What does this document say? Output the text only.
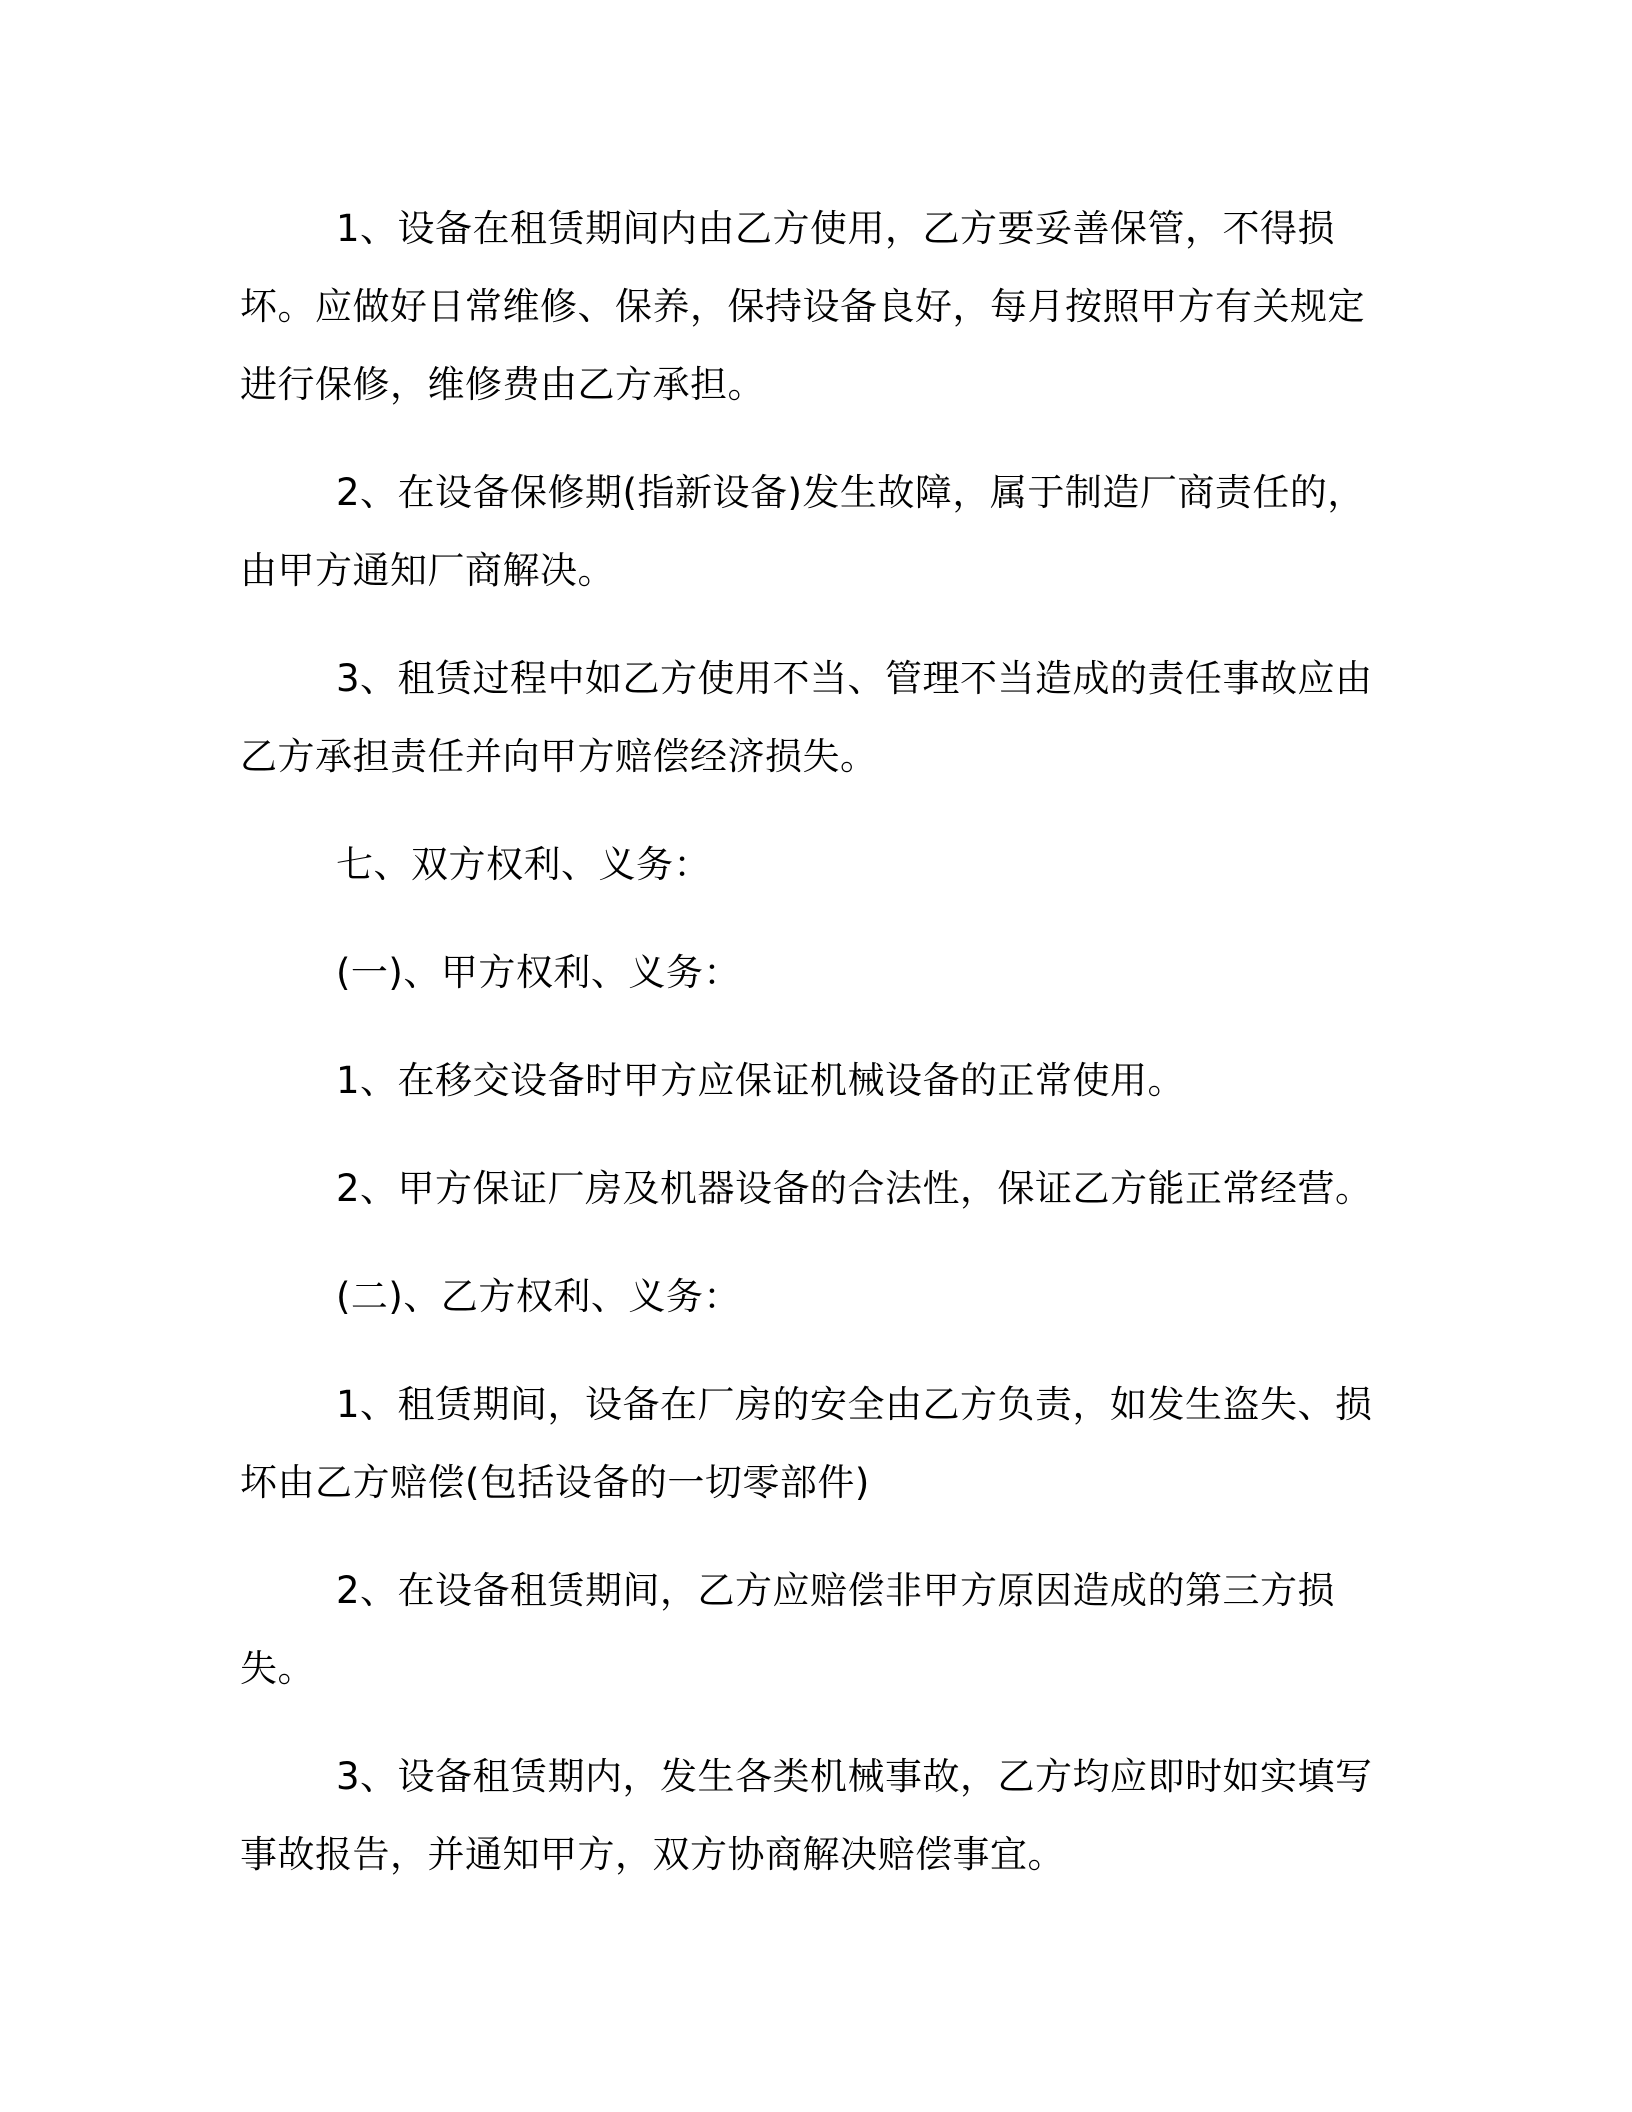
1、设备在租赁期间内由乙方使用，乙方要妥善保管，不得损坏。应做好日常维修、保养，保持设备良好，每月按照甲方有关规定进行保修，维修费由乙方承担。

2、在设备保修期(指新设备)发生故障，属于制造厂商责任的，由甲方通知厂商解决。

3、租赁过程中如乙方使用不当、管理不当造成的责任事故应由乙方承担责任并向甲方赔偿经济损失。

七、双方权利、义务：

(一)、甲方权利、义务：

1、在移交设备时甲方应保证机械设备的正常使用。

2、甲方保证厂房及机器设备的合法性，保证乙方能正常经营。

(二)、乙方权利、义务：

1、租赁期间，设备在厂房的安全由乙方负责，如发生盗失、损坏由乙方赔偿(包括设备的一切零部件)

2、在设备租赁期间，乙方应赔偿非甲方原因造成的第三方损失。

3、设备租赁期内，发生各类机械事故，乙方均应即时如实填写事故报告，并通知甲方，双方协商解决赔偿事宜。
